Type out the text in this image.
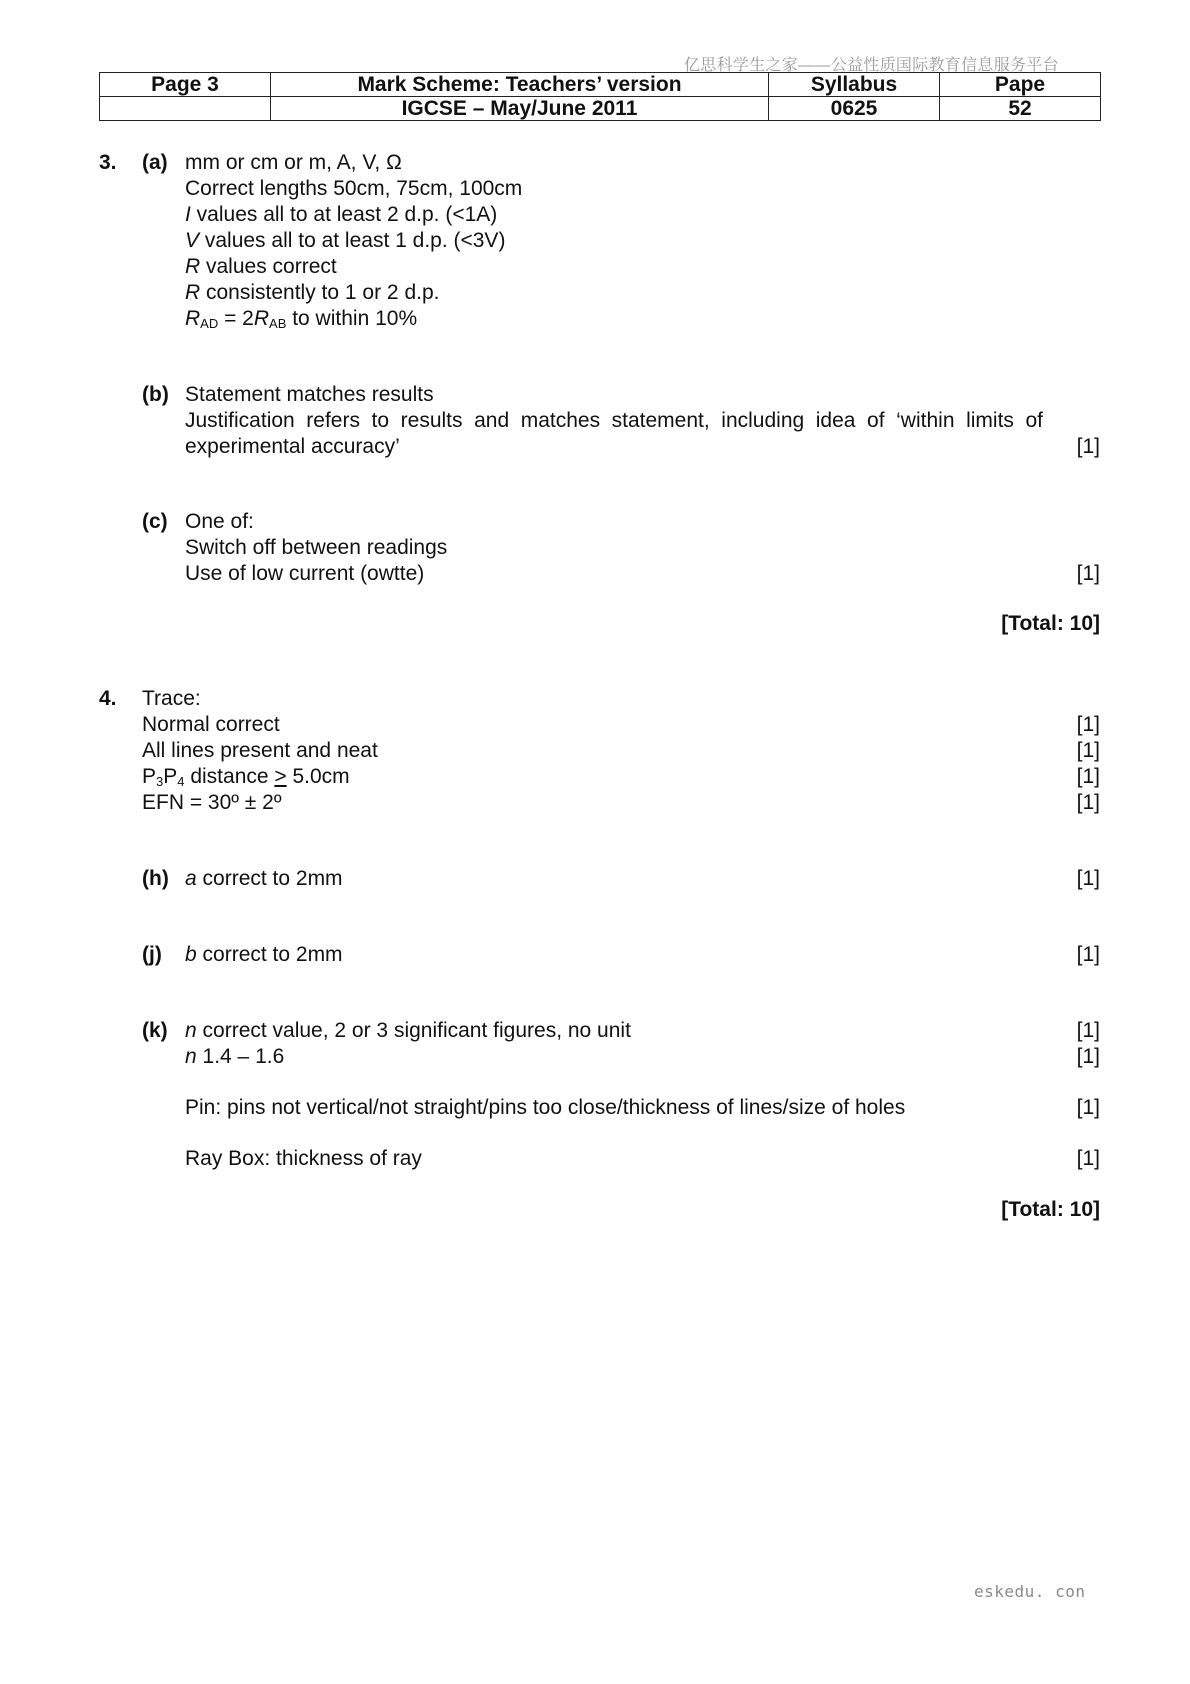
亿思科学生之家——公益性质国际教育信息服务平台
Page 3	Mark Scheme: Teachers’ version	Syllabus	Pape
	IGCSE – May/June 2011	0625	52
3. (a) mm or cm or m, A, V, Ω
Correct lengths 50cm, 75cm, 100cm
I values all to at least 2 d.p. (<1A)
V values all to at least 1 d.p. (<3V)
R values correct
R consistently to 1 or 2 d.p.
$R_{AD} = 2R_{AB}$ to within 10%
(b) Statement matches results
Justification refers to results and matches statement, including idea of ‘within limits of
experimental accuracy’	[1]
(c) One of:
Switch off between readings
Use of low current (owtte)	[1]
[Total: 10]
4. Trace:
Normal correct	[1]
All lines present and neat	[1]
$P_3P_4$ distance > 5.0cm	[1]
EFN = 30º ± 2º	[1]
(h) a correct to 2mm	[1]
(j) b correct to 2mm	[1]
(k) n correct value, 2 or 3 significant figures, no unit	[1]
n 1.4 – 1.6	[1]
Pin: pins not vertical/not straight/pins too close/thickness of lines/size of holes	[1]
Ray Box: thickness of ray	[1]
[Total: 10]
eskedu. con
